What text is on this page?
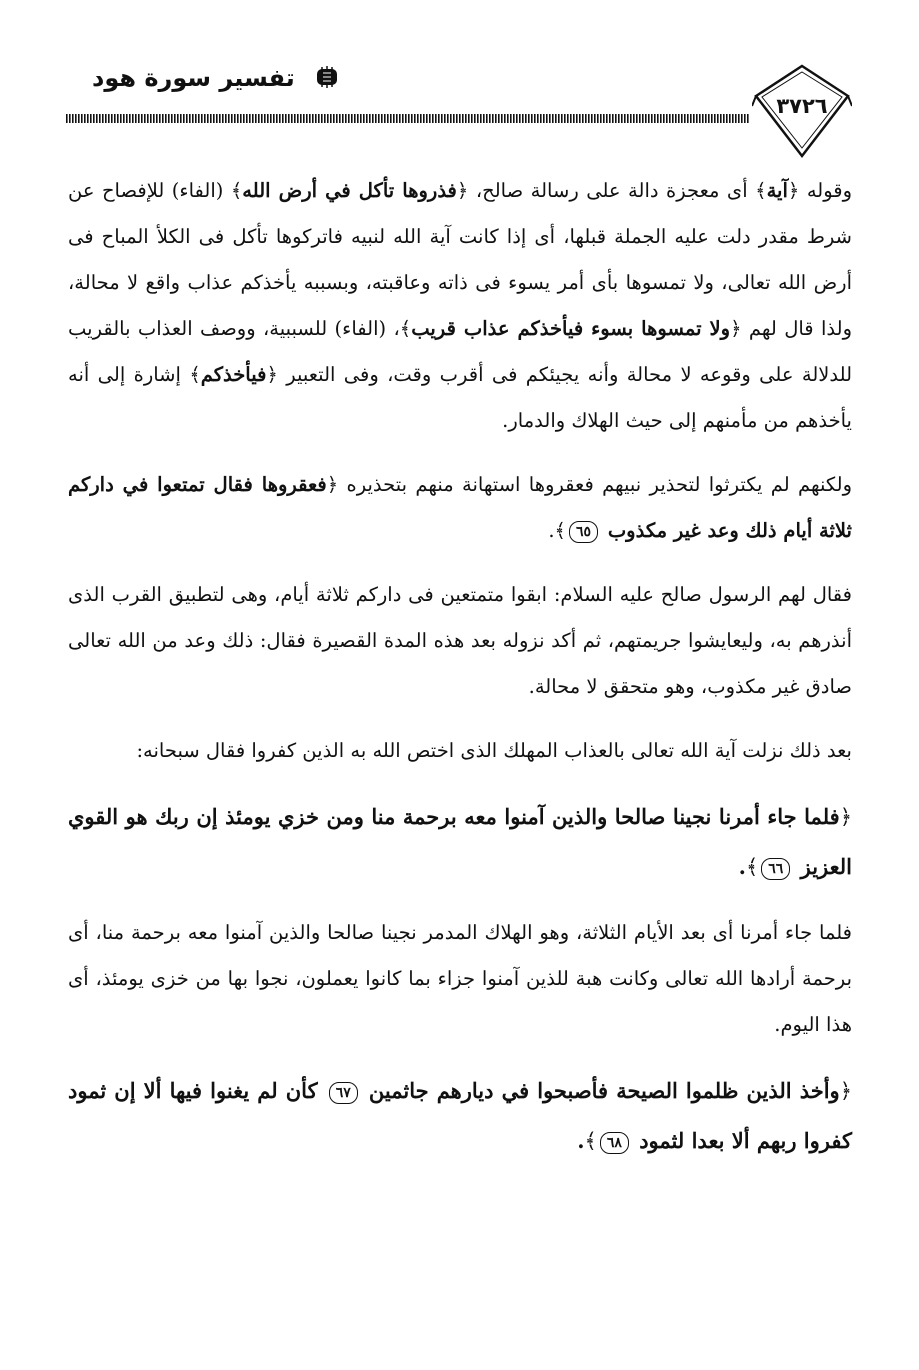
تفسير سورة هود
٣٧٢٦

وقوله ﴿آية﴾ أى معجزة دالة على رسالة صالح، ﴿فذروها تأكل في أرض الله﴾ (الفاء) للإفصاح عن شرط مقدر دلت عليه الجملة قبلها، أى إذا كانت آية الله لنبيه فاتركوها تأكل فى الكلأ المباح فى أرض الله تعالى، ولا تمسوها بأى أمر يسوء فى ذاته وعاقبته، وبسببه يأخذكم عذاب واقع لا محالة، ولذا قال لهم ﴿ولا تمسوها بسوء فيأخذكم عذاب قريب﴾، (الفاء) للسببية، ووصف العذاب بالقريب للدلالة على وقوعه لا محالة وأنه يجيئكم فى أقرب وقت، وفى التعبير ﴿فيأخذكم﴾ إشارة إلى أنه يأخذهم من مأمنهم إلى حيث الهلاك والدمار.

ولكنهم لم يكترثوا لتحذير نبيهم فعقروها استهانة منهم بتحذيره ﴿فعقروها فقال تمتعوا في داركم ثلاثة أيام ذلك وعد غير مكذوب ٦٥﴾.

فقال لهم الرسول صالح عليه السلام: ابقوا متمتعين فى داركم ثلاثة أيام، وهى لتطبيق القرب الذى أنذرهم به، وليعايشوا جريمتهم، ثم أكد نزوله بعد هذه المدة القصيرة فقال: ذلك وعد من الله تعالى صادق غير مكذوب، وهو متحقق لا محالة.

بعد ذلك نزلت آية الله تعالى بالعذاب المهلك الذى اختص الله به الذين كفروا فقال سبحانه:

﴿فلما جاء أمرنا نجينا صالحا والذين آمنوا معه برحمة منا ومن خزي يومئذ إن ربك هو القوي العزيز ٦٦﴾.

فلما جاء أمرنا أى بعد الأيام الثلاثة، وهو الهلاك المدمر نجينا صالحا والذين آمنوا معه برحمة منا، أى برحمة أرادها الله تعالى وكانت هبة للذين آمنوا جزاء بما كانوا يعملون، نجوا بها من خزى يومئذ، أى هذا اليوم.

﴿وأخذ الذين ظلموا الصيحة فأصبحوا في ديارهم جاثمين ٦٧ كأن لم يغنوا فيها ألا إن ثمود كفروا ربهم ألا بعدا لثمود ٦٨﴾.
